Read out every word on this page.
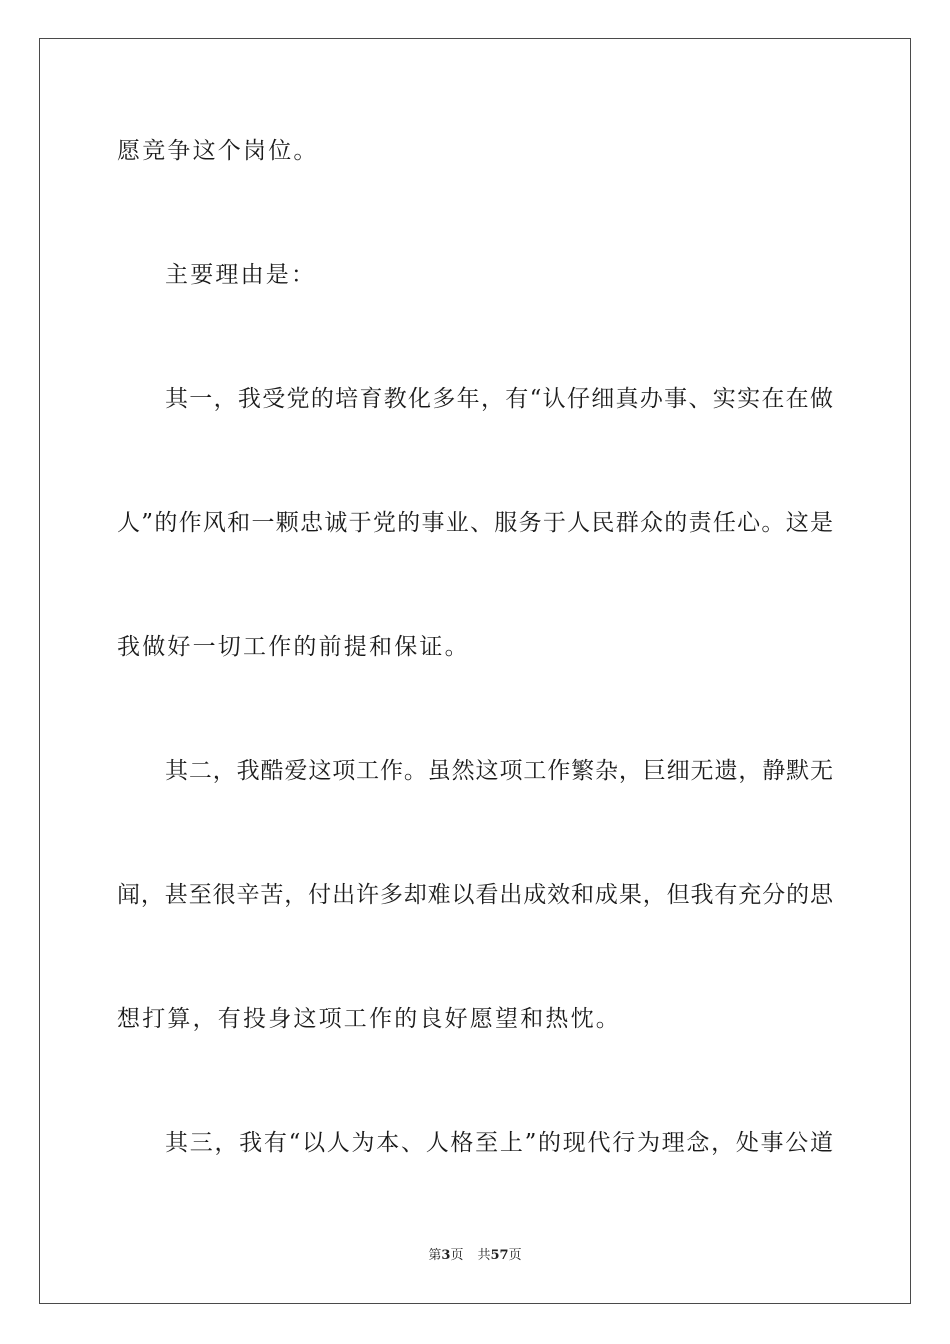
愿竞争这个岗位。
主要理由是：
其一，我受党的培育教化多年，有“认仔细真办事、实实在在做
人”的作风和一颗忠诚于党的事业、服务于人民群众的责任心。这是
我做好一切工作的前提和保证。
其二，我酷爱这项工作。虽然这项工作繁杂，巨细无遗，静默无
闻，甚至很辛苦，付出许多却难以看出成效和成果，但我有充分的思
想打算，有投身这项工作的良好愿望和热忱。
其三，我有“以人为本、人格至上”的现代行为理念，处事公道
第3页 共57页
